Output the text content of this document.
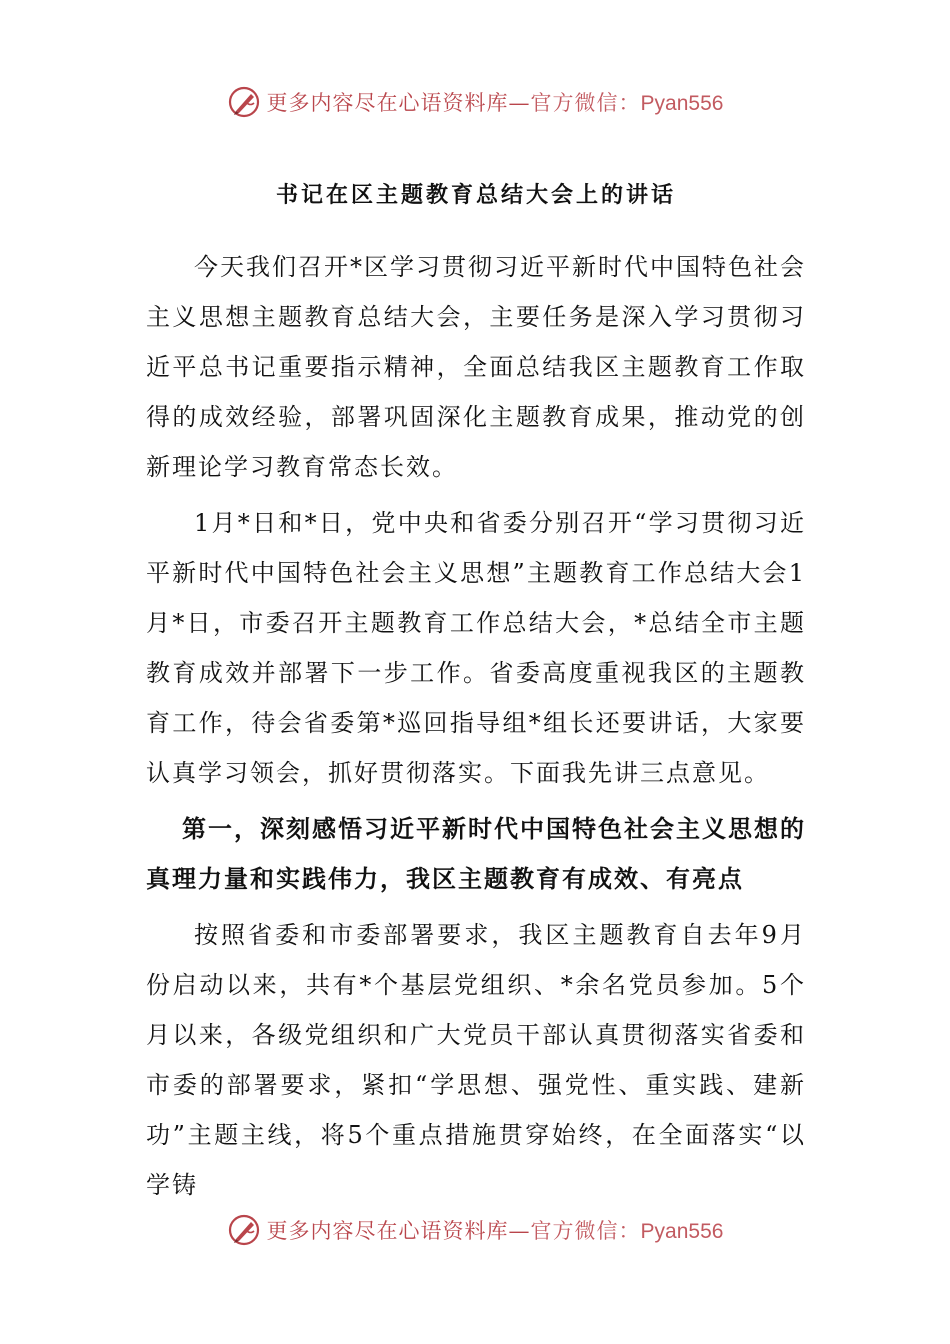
更多内容尽在心语资料库—官方微信：Pyan556
书记在区主题教育总结大会上的讲话

今天我们召开*区学习贯彻习近平新时代中国特色社会主义思想主题教育总结大会，主要任务是深入学习贯彻习近平总书记重要指示精神，全面总结我区主题教育工作取得的成效经验，部署巩固深化主题教育成果，推动党的创新理论学习教育常态长效。

1月*日和*日，党中央和省委分别召开“学习贯彻习近平新时代中国特色社会主义思想”主题教育工作总结大会1月*日，市委召开主题教育工作总结大会，*总结全市主题教育成效并部署下一步工作。省委高度重视我区的主题教育工作，待会省委第*巡回指导组*组长还要讲话，大家要认真学习领会，抓好贯彻落实。下面我先讲三点意见。

第一，深刻感悟习近平新时代中国特色社会主义思想的真理力量和实践伟力，我区主题教育有成效、有亮点

按照省委和市委部署要求，我区主题教育自去年9月份启动以来，共有*个基层党组织、*余名党员参加。5个月以来，各级党组织和广大党员干部认真贯彻落实省委和市委的部署要求，紧扣“学思想、强党性、重实践、建新功”主题主线，将5个重点措施贯穿始终，在全面落实“以学铸

更多内容尽在心语资料库—官方微信：Pyan556
